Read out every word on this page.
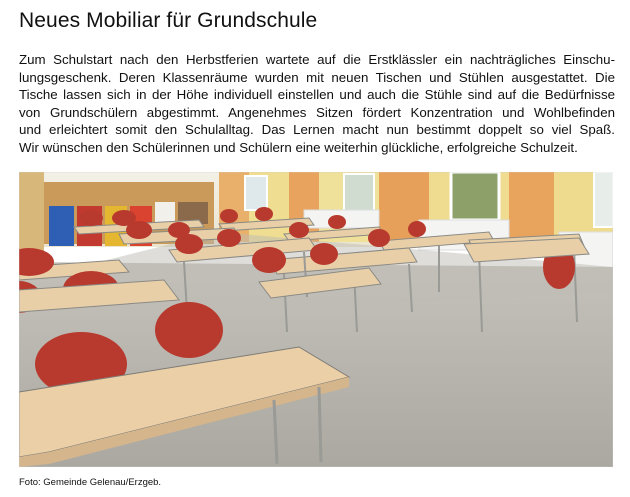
Neues Mobiliar für Grundschule
Zum Schulstart nach den Herbstferien wartete auf die Erstklässler ein nachträgliches Einschu-
lungsgeschenk. Deren Klassenräume wurden mit neuen Tischen und Stühlen ausgestattet. Die
Tische lassen sich in der Höhe individuell einstellen und auch die Stühle sind auf die Bedürfnisse
von Grundschülern abgestimmt. Angenehmes Sitzen fördert Konzentration und Wohlbefinden
und erleichtert somit den Schulalltag. Das Lernen macht nun bestimmt doppelt so viel Spaß.
Wir wünschen den Schülerinnen und Schülern eine weiterhin glückliche, erfolgreiche Schulzeit.

Foto: Gemeinde Gelenau/Erzgeb.
